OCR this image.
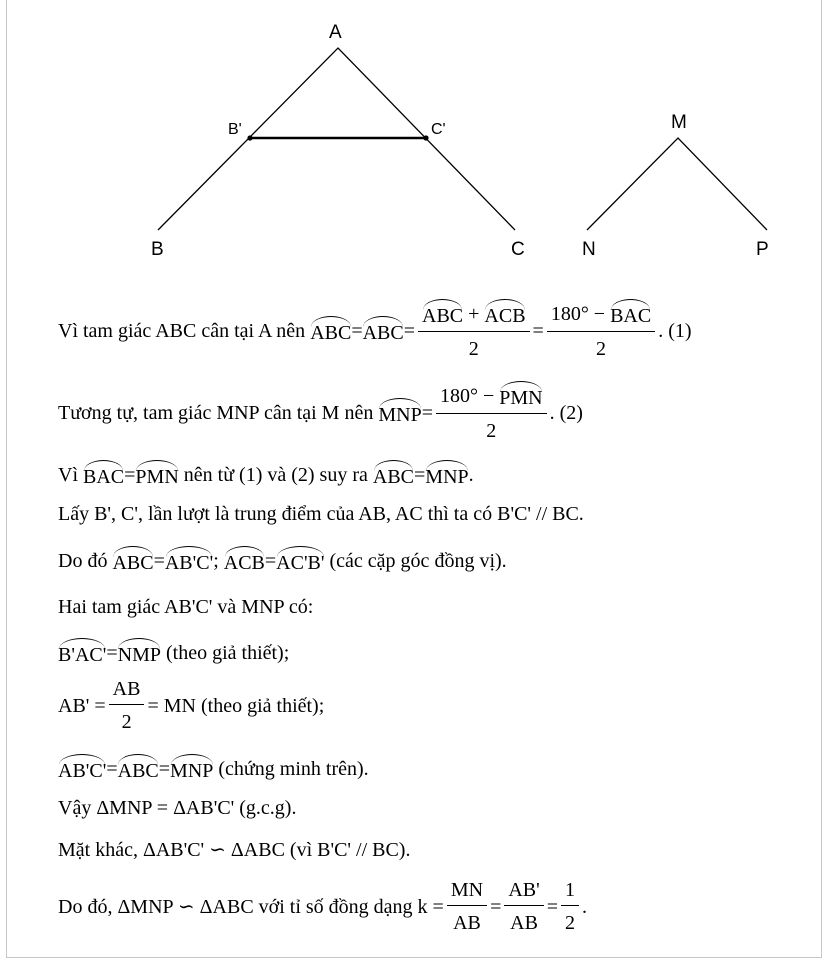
A
B	C
B'	C'	M
N	P
Vì tam giác ABC cân tại A nên ABC = ABC = $\frac{\text{ABC + ACB}}{2} = \frac{\text{180° − BAC}}{2}$ . (1)
Tương tự, tam giác MNP cân tại M nên MNP = $\frac{\text{180° − PMN}}{2}$ . (2)
Vì BAC = PMN nên từ (1) và (2) suy ra ABC = MNP .
Lấy B', C', lần lượt là trung điểm của AB, AC thì ta có B'C' // BC.
Do đó ABC = AB'C' ; ACB = AC'B' (các cặp góc đồng vị).
Hai tam giác AB'C' và MNP có:
B'AC' = NMP (theo giả thiết);
$AB' = \frac{AB}{2}$ = MN (theo giả thiết);
AB'C' = ABC = MNP (chứng minh trên).
Vậy ΔMNP = ΔAB'C' (g.c.g).
Mặt khác, ΔAB'C' ∽ ΔABC (vì B'C' // BC).
Do đó, ΔMNP ∽ ΔABC với tỉ số đồng dạng $k = \frac{MN}{AB} = \frac{AB'}{AB} = \frac{1}{2}$ .
